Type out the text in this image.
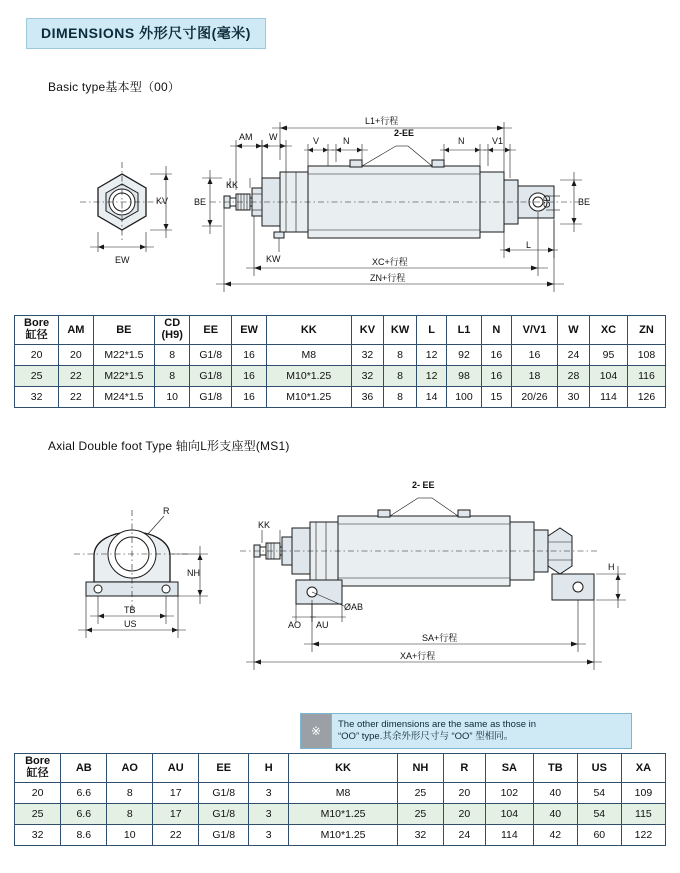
DIMENSIONS 外形尺寸图(毫米)
Basic type基本型（00）
EW
KV
KW
L1+行程
AM W	V	N
2-EE
N	V1
BE
KK
CD	BE
L
XC+行程
ZN+行程
Bore
缸径	AM	BE	CD
(H9)	EE	EW	KK	KV	KW	L	L1	N	V/V1	W	XC	ZN
20	20	M22*1.5	8	G1/8	16	M8	32	8	12	92	16	16	24	95	108
25	22	M22*1.5	8	G1/8	16	M10*1.25	32	8	12	98	16	18	28	104	116
32	22	M24*1.5	10	G1/8	16	M10*1.25	36	8	14	100	15	20/26	30	114	126
Axial Double foot Type 轴向L形支座型(MS1)
R
NH
TB
US
2- EE
KK
ØAB
AO AU
H
SA+行程
XA+行程
※	The other dimensions are the same as those in
“OO” type.其余外形尺寸与 “OO” 型相同。
Bore
缸径	AB	AO	AU	EE	H	KK	NH	R	SA	TB	US	XA
20	6.6	8	17	G1/8	3	M8	25	20	102	40	54	109
25	6.6	8	17	G1/8	3	M10*1.25	25	20	104	40	54	115
32	8.6	10	22	G1/8	3	M10*1.25	32	24	114	42	60	122
